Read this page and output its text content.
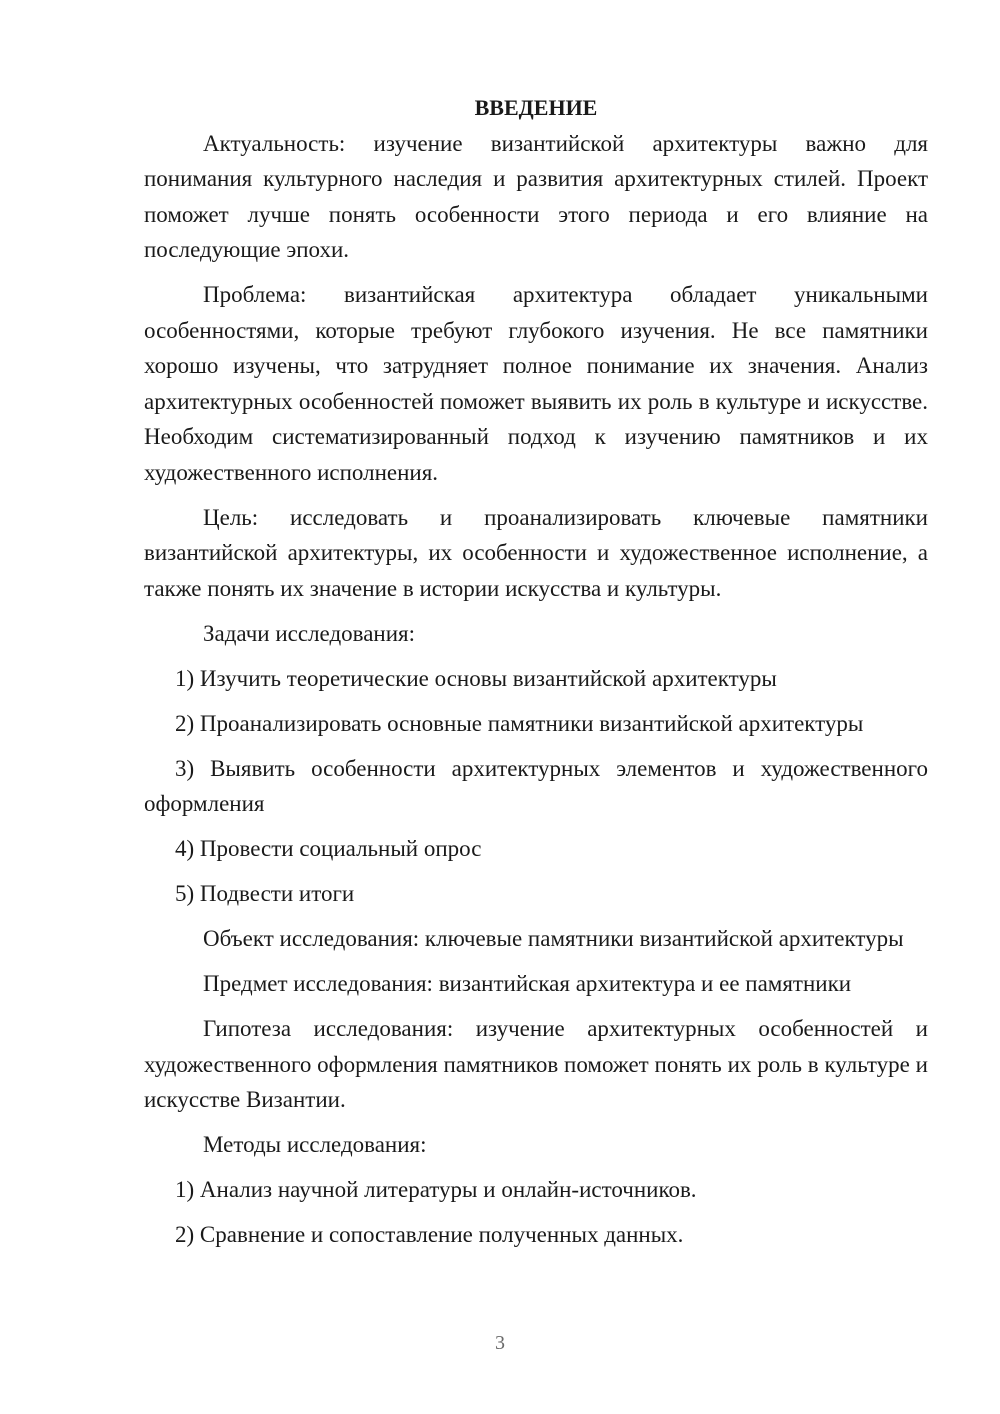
ВВЕДЕНИЕ

Актуальность: изучение византийской архитектуры важно для понимания культурного наследия и развития архитектурных стилей. Проект поможет лучше понять особенности этого периода и его влияние на последующие эпохи.

Проблема: византийская архитектура обладает уникальными особенностями, которые требуют глубокого изучения. Не все памятники хорошо изучены, что затрудняет полное понимание их значения. Анализ архитектурных особенностей поможет выявить их роль в культуре и искусстве. Необходим систематизированный подход к изучению памятников и их художественного исполнения.

Цель: исследовать и проанализировать ключевые памятники византийской архитектуры, их особенности и художественное исполнение, а также понять их значение в истории искусства и культуры.

Задачи исследования:

1) Изучить теоретические основы византийской архитектуры

2) Проанализировать основные памятники византийской архитектуры

3) Выявить особенности архитектурных элементов и художественного оформления

4) Провести социальный опрос

5) Подвести итоги

Объект исследования: ключевые памятники византийской архитектуры

Предмет исследования: византийская архитектура и ее памятники

Гипотеза исследования: изучение архитектурных особенностей и художественного оформления памятников поможет понять их роль в культуре и искусстве Византии.

Методы исследования:

1) Анализ научной литературы и онлайн-источников.

2) Сравнение и сопоставление полученных данных.

3
